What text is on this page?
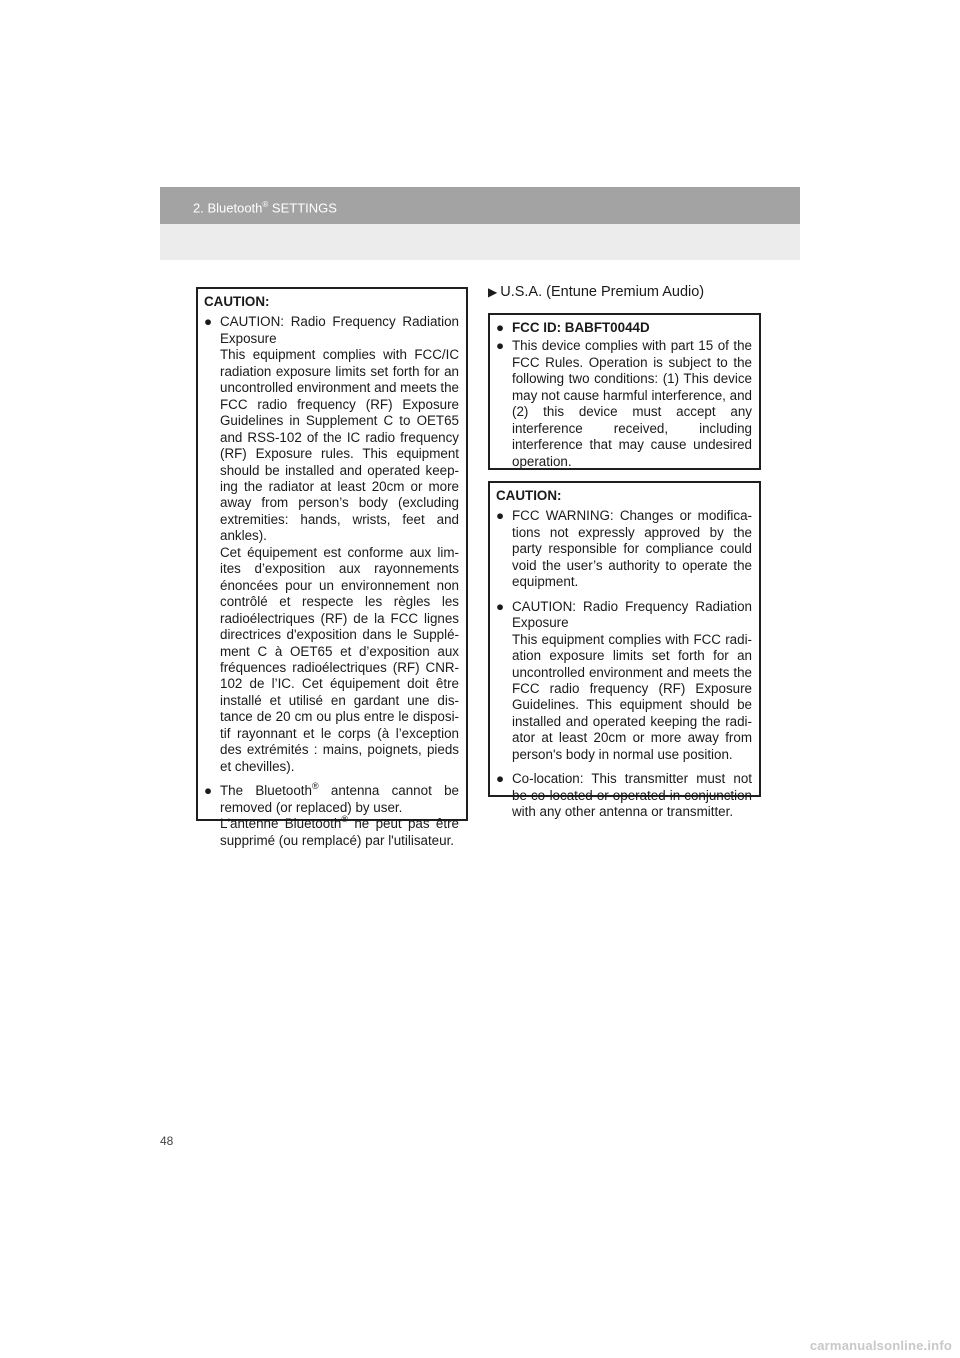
2. Bluetooth® SETTINGS
CAUTION:
● CAUTION: Radio Frequency Radiation Exposure
This equipment complies with FCC/IC radiation exposure limits set forth for an uncontrolled environment and meets the FCC radio frequency (RF) Exposure Guidelines in Supplement C to OET65 and RSS-102 of the IC radio frequency (RF) Exposure rules. This equipment should be installed and operated keep-ing the radiator at least 20cm or more away from person’s body (excluding extremities: hands, wrists, feet and ankles).
Cet équipement est conforme aux lim-ites d’exposition aux rayonnements énoncées pour un environnement non contrôlé et respecte les règles les radioélectriques (RF) de la FCC lignes directrices d'exposition dans le Supplé-ment C à OET65 et d’exposition aux fréquences radioélectriques (RF) CNR-102 de l’IC. Cet équipement doit être installé et utilisé en gardant une dis-tance de 20 cm ou plus entre le disposi-tif rayonnant et le corps (à l’exception des extrémités : mains, poignets, pieds et chevilles).
● The Bluetooth® antenna cannot be removed (or replaced) by user.
L'antenne Bluetooth® ne peut pas être supprimé (ou remplacé) par l'utilisateur.
▶ U.S.A. (Entune Premium Audio)
● FCC ID: BABFT0044D
● This device complies with part 15 of the FCC Rules. Operation is subject to the following two conditions: (1) This device may not cause harmful interference, and (2) this device must accept any interference received, including interference that may cause undesired operation.
CAUTION:
● FCC WARNING: Changes or modifica-tions not expressly approved by the party responsible for compliance could void the user’s authority to operate the equipment.
● CAUTION: Radio Frequency Radiation Exposure
This equipment complies with FCC radi-ation exposure limits set forth for an uncontrolled environment and meets the FCC radio frequency (RF) Exposure Guidelines. This equipment should be installed and operated keeping the radi-ator at least 20cm or more away from person's body in normal use position.
● Co-location: This transmitter must not be co-located or operated in conjunction with any other antenna or transmitter.
48
carmanualsonline.info
